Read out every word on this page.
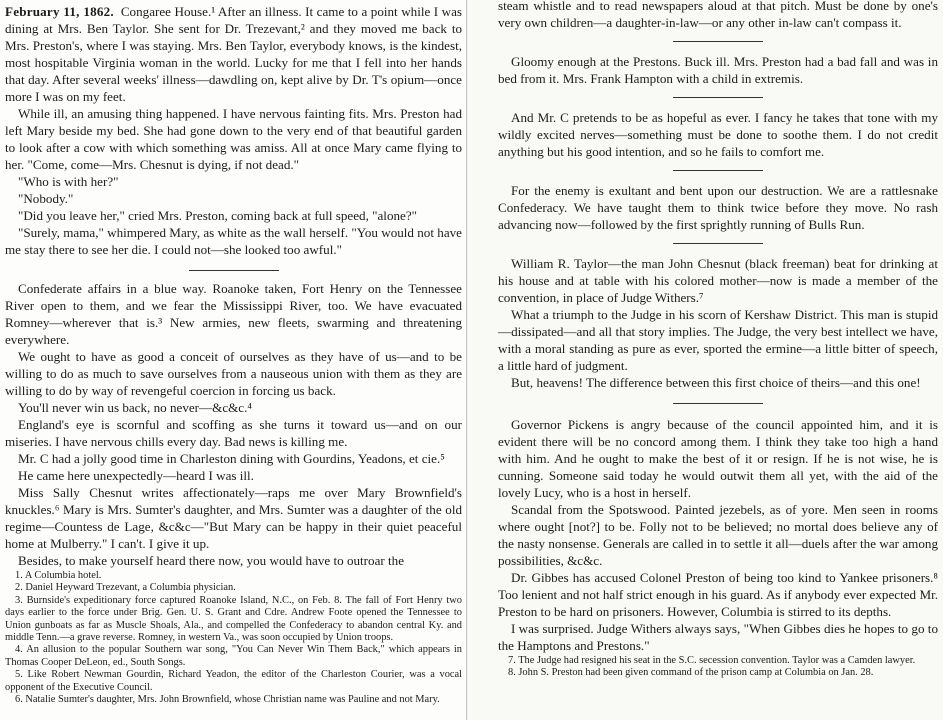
February 11, 1862. Congaree House.¹ After an illness. It came to a point while I was dining at Mrs. Ben Taylor. She sent for Dr. Trezevant,² and they moved me back to Mrs. Preston's, where I was staying. Mrs. Ben Taylor, everybody knows, is the kindest, most hospitable Virginia woman in the world. Lucky for me that I fell into her hands that day. After several weeks' illness—dawdling on, kept alive by Dr. T's opium—once more I was on my feet.

While ill, an amusing thing happened. I have nervous fainting fits. Mrs. Preston had left Mary beside my bed. She had gone down to the very end of that beautiful garden to look after a cow with which something was amiss. All at once Mary came flying to her. "Come, come—Mrs. Chesnut is dying, if not dead."

"Who is with her?"

"Nobody."

"Did you leave her," cried Mrs. Preston, coming back at full speed, "alone?"

"Surely, mama," whimpered Mary, as white as the wall herself. "You would not have me stay there to see her die. I could not—she looked too awful."

Confederate affairs in a blue way. Roanoke taken, Fort Henry on the Tennessee River open to them, and we fear the Mississippi River, too. We have evacuated Romney—wherever that is.³ New armies, new fleets, swarming and threatening everywhere.

We ought to have as good a conceit of ourselves as they have of us—and to be willing to do as much to save ourselves from a nauseous union with them as they are willing to do by way of revengeful coercion in forcing us back.

You'll never win us back, no never—&c&c.⁴

England's eye is scornful and scoffing as she turns it toward us—and on our miseries. I have nervous chills every day. Bad news is killing me.

Mr. C had a jolly good time in Charleston dining with Gourdins, Yeadons, et cie.⁵

He came here unexpectedly—heard I was ill.

Miss Sally Chesnut writes affectionately—raps me over Mary Brownfield's knuckles.⁶ Mary is Mrs. Sumter's daughter, and Mrs. Sumter was a daughter of the old regime—Countess de Lage, &c&c—"But Mary can be happy in their quiet peaceful home at Mulberry." I can't. I give it up.

Besides, to make yourself heard there now, you would have to outroar the

1. A Columbia hotel.

2. Daniel Heyward Trezevant, a Columbia physician.

3. Burnside's expeditionary force captured Roanoke Island, N.C., on Feb. 8. The fall of Fort Henry two days earlier to the force under Brig. Gen. U. S. Grant and Cdre. Andrew Foote opened the Tennessee to Union gunboats as far as Muscle Shoals, Ala., and compelled the Confederacy to abandon central Ky. and middle Tenn.—a grave reverse. Romney, in western Va., was soon occupied by Union troops.

4. An allusion to the popular Southern war song, "You Can Never Win Them Back," which appears in Thomas Cooper DeLeon, ed., South Songs.

5. Like Robert Newman Gourdin, Richard Yeadon, the editor of the Charleston Courier, was a vocal opponent of the Executive Council.

6. Natalie Sumter's daughter, Mrs. John Brownfield, whose Christian name was Pauline and not Mary.

steam whistle and to read newspapers aloud at that pitch. Must be done by one's very own children—a daughter-in-law—or any other in-law can't compass it.

Gloomy enough at the Prestons. Buck ill. Mrs. Preston had a bad fall and was in bed from it. Mrs. Frank Hampton with a child in extremis.

And Mr. C pretends to be as hopeful as ever. I fancy he takes that tone with my wildly excited nerves—something must be done to soothe them. I do not credit anything but his good intention, and so he fails to comfort me.

For the enemy is exultant and bent upon our destruction. We are a rattlesnake Confederacy. We have taught them to think twice before they move. No rash advancing now—followed by the first sprightly running of Bulls Run.

William R. Taylor—the man John Chesnut (black freeman) beat for drinking at his house and at table with his colored mother—now is made a member of the convention, in place of Judge Withers.⁷

What a triumph to the Judge in his scorn of Kershaw District. This man is stupid—dissipated—and all that story implies. The Judge, the very best intellect we have, with a moral standing as pure as ever, sported the ermine—a little bitter of speech, a little hard of judgment.

But, heavens! The difference between this first choice of theirs—and this one!

Governor Pickens is angry because of the council appointed him, and it is evident there will be no concord among them. I think they take too high a hand with him. And he ought to make the best of it or resign. If he is not wise, he is cunning. Someone said today he would outwit them all yet, with the aid of the lovely Lucy, who is a host in herself.

Scandal from the Spotswood. Painted jezebels, as of yore. Men seen in rooms where ought [not?] to be. Folly not to be believed; no mortal does believe any of the nasty nonsense. Generals are called in to settle it all—duels after the war among possibilities, &c&c.

Dr. Gibbes has accused Colonel Preston of being too kind to Yankee prisoners.⁸ Too lenient and not half strict enough in his guard. As if anybody ever expected Mr. Preston to be hard on prisoners. However, Columbia is stirred to its depths.

I was surprised. Judge Withers always says, "When Gibbes dies he hopes to go to the Hamptons and Prestons."

7. The Judge had resigned his seat in the S.C. secession convention. Taylor was a Camden lawyer.

8. John S. Preston had been given command of the prison camp at Columbia on Jan. 28.
